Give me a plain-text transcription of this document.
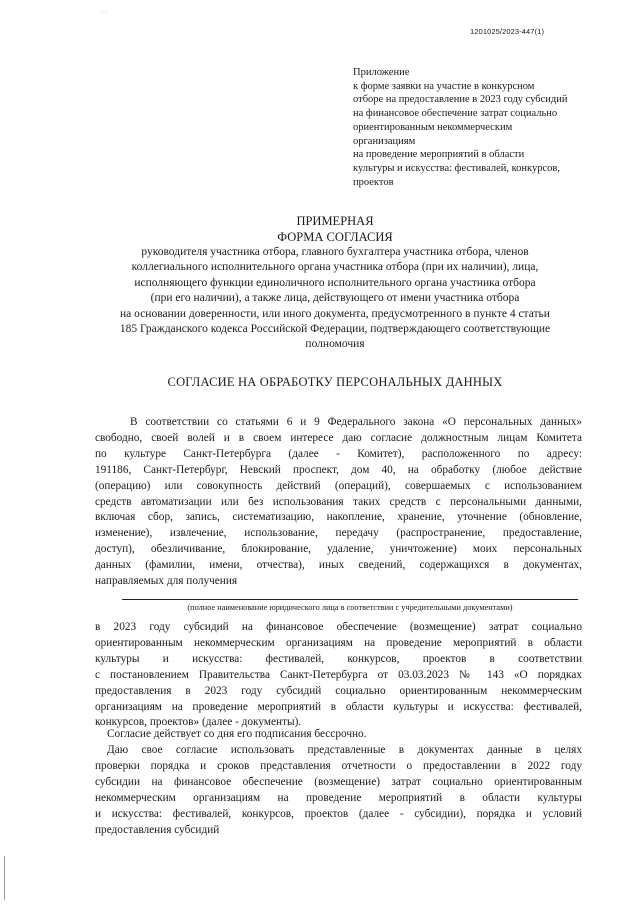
· ·
1201025/2023-447(1)
Приложение
к форме заявки на участие в конкурсном
отборе на предоставление в 2023 году субсидий
на финансовое обеспечение затрат социально
ориентированным некоммерческим
организациям
на проведение мероприятий в области
культуры и искусства: фестивалей, конкурсов,
проектов
ПРИМЕРНАЯ
ФОРМА СОГЛАСИЯ
руководителя участника отбора, главного бухгалтера участника отбора, членов
коллегиального исполнительного органа участника отбора (при их наличии), лица,
исполняющего функции единоличного исполнительного органа участника отбора
(при его наличии), а также лица, действующего от имени участника отбора
на основании доверенности, или иного документа, предусмотренного в пункте 4 статьи
185 Гражданского кодекса Российской Федерации, подтверждающего соответствующие
полномочия
СОГЛАСИЕ НА ОБРАБОТКУ ПЕРСОНАЛЬНЫХ ДАННЫХ
В соответствии со статьями 6 и 9 Федерального закона «О персональных данных»
свободно, своей волей и в своем интересе даю согласие должностным лицам Комитета
по культуре Санкт-Петербурга (далее - Комитет), расположенного по адресу:
191186, Санкт-Петербург, Невский проспект, дом 40, на обработку (любое действие
(операцию) или совокупность действий (операций), совершаемых с использованием
средств автоматизации или без использования таких средств с персональными данными,
включая сбор, запись, систематизацию, накопление, хранение, уточнение (обновление,
изменение), извлечение, использование, передачу (распространение, предоставление,
доступ), обезличивание, блокирование, удаление, уничтожение) моих персональных
данных (фамилии, имени, отчества), иных сведений, содержащихся в документах,
направляемых для получения
(полное наименование юридического лица в соответствии с учредительными документами)
в 2023 году субсидий на финансовое обеспечение (возмещение) затрат социально
ориентированным некоммерческим организациям на проведение мероприятий в области
культуры и искусства: фестивалей, конкурсов, проектов в соответствии
с постановлением Правительства Санкт-Петербурга от 03.03.2023 № 143 «О порядках
предоставления в 2023 году субсидий социально ориентированным некоммерческим
организациям на проведение мероприятий в области культуры и искусства: фестивалей,
конкурсов, проектов» (далее - документы).
Согласие действует со дня его подписания бессрочно.
Даю свое согласие использовать представленные в документах данные в целях
проверки порядка и сроков представления отчетности о предоставлении в 2022 году
субсидии на финансовое обеспечение (возмещение) затрат социально ориентированным
некоммерческим организациям на проведение мероприятий в области культуры
и искусства: фестивалей, конкурсов, проектов (далее - субсидии), порядка и условий
предоставления субсидий
